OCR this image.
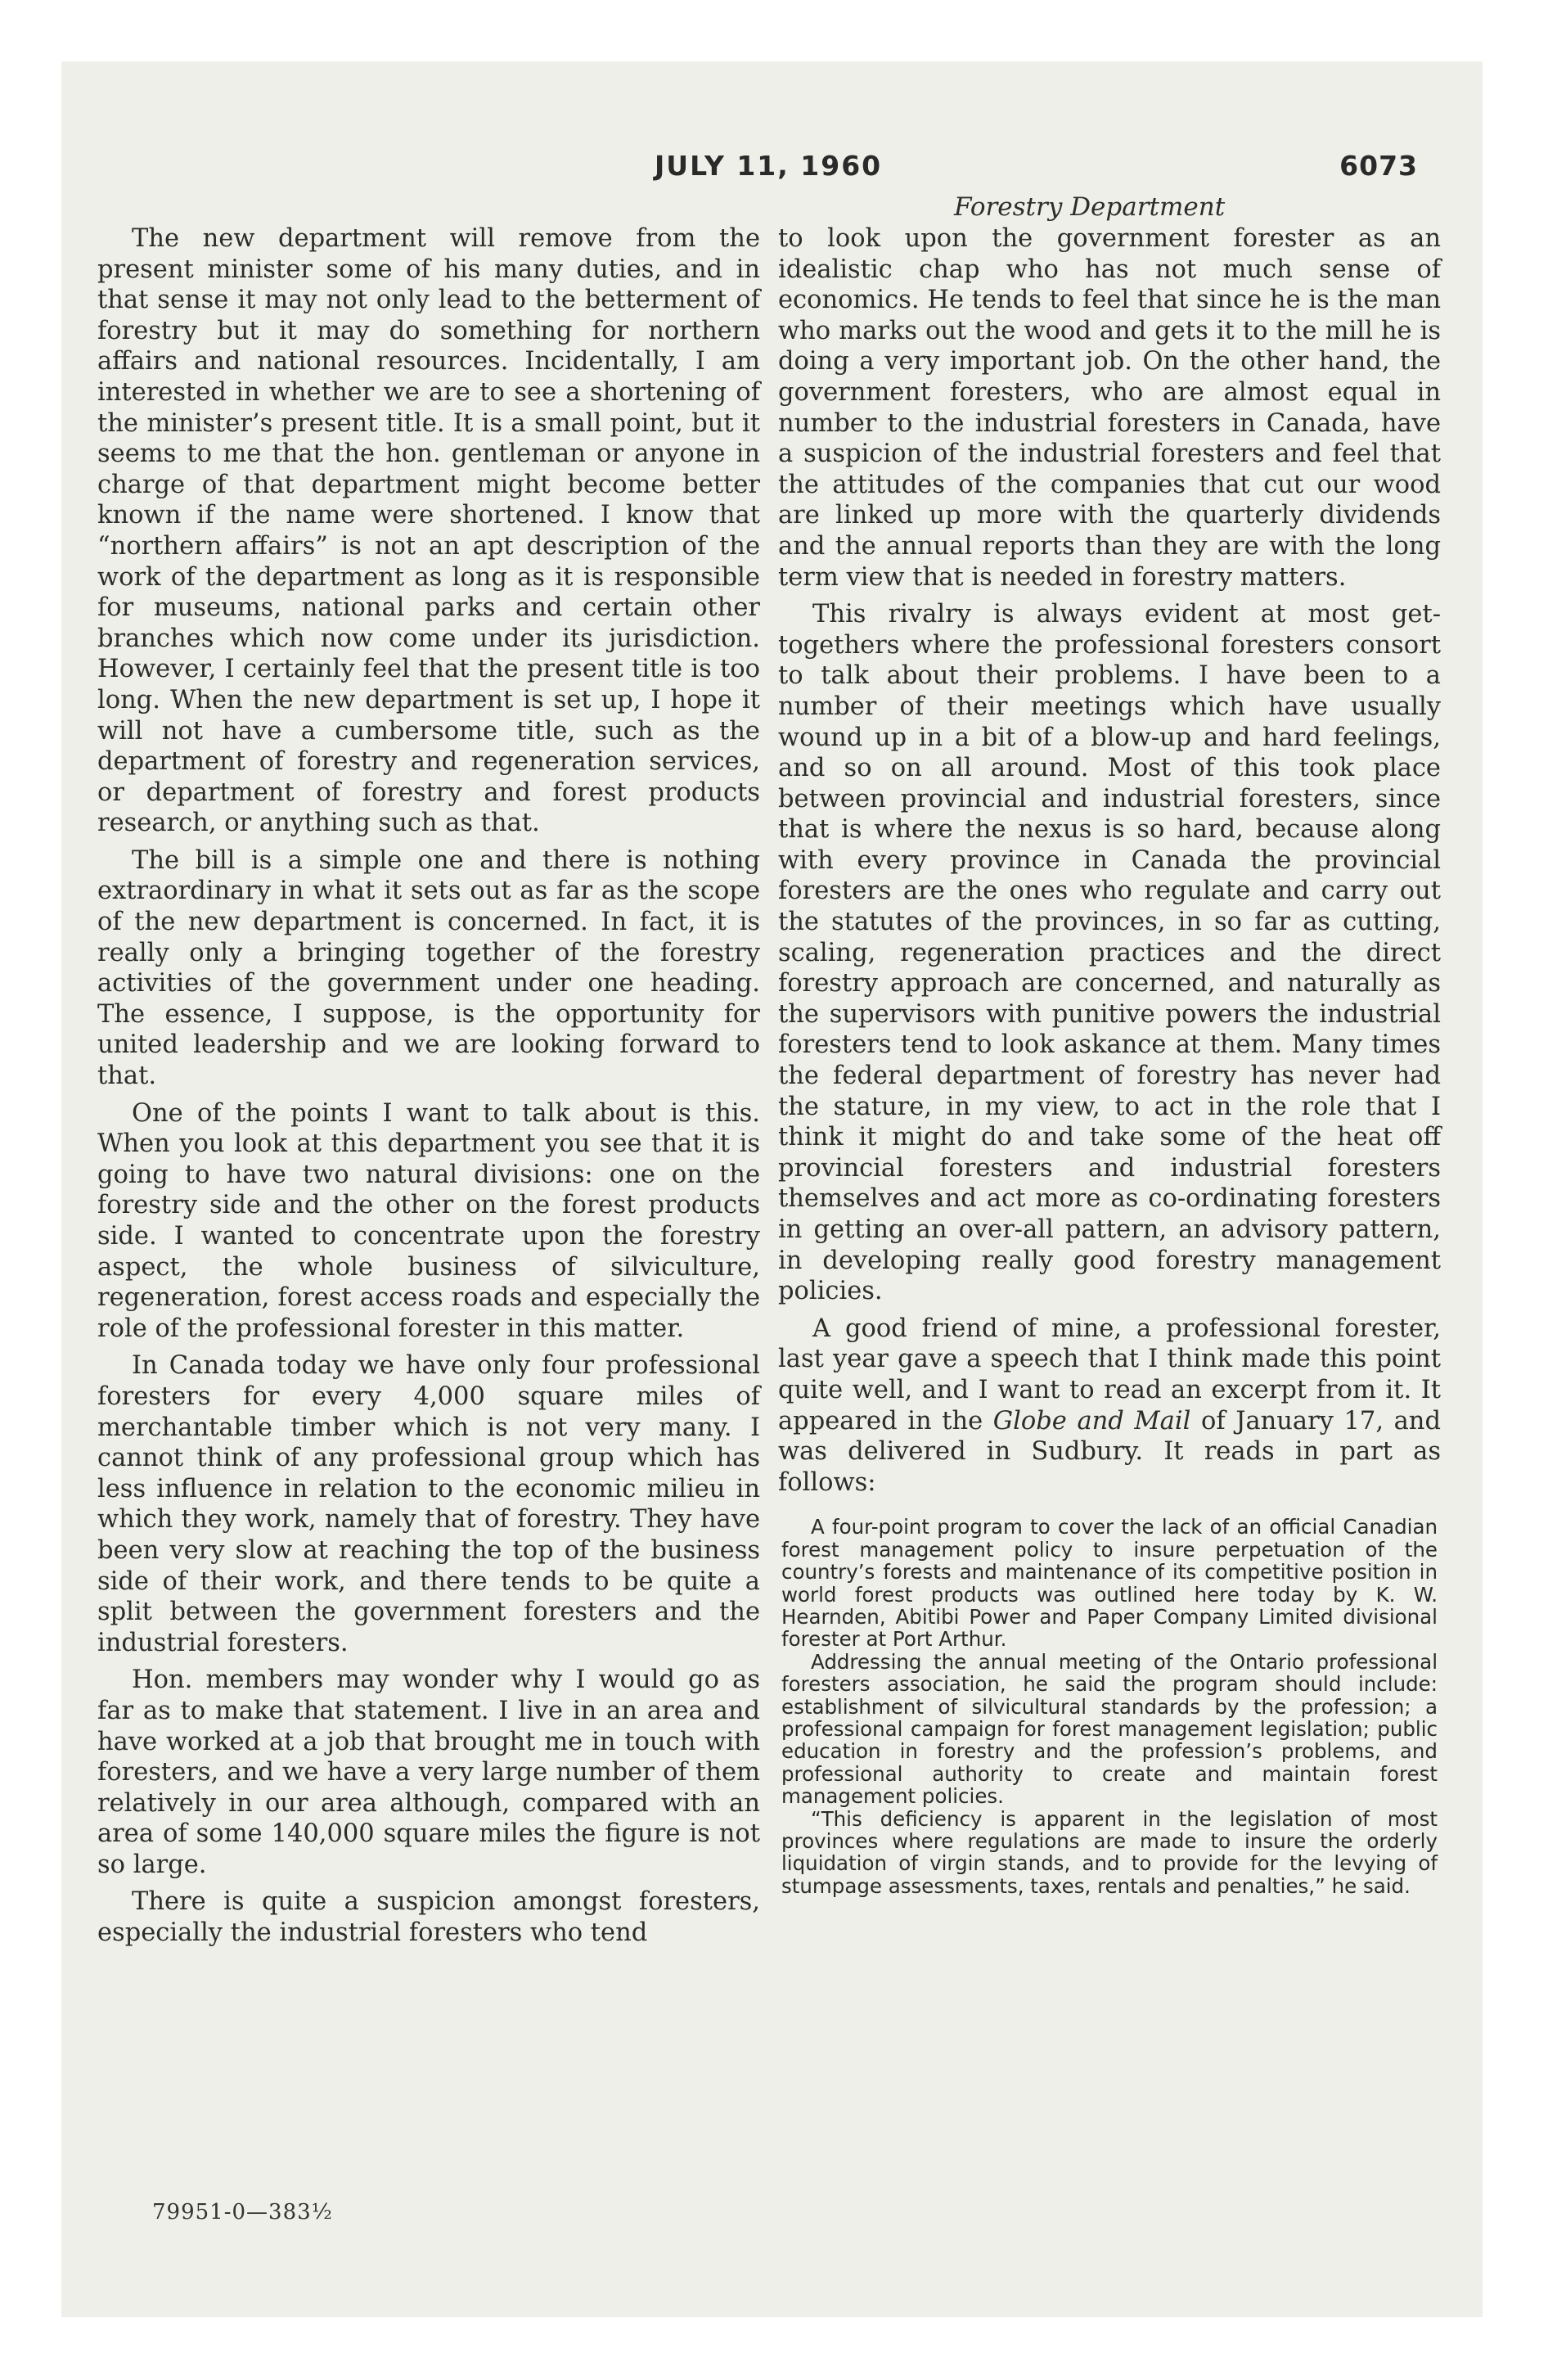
JULY 11, 1960	6073
Forestry Department

The new department will remove from the present minister some of his many duties, and in that sense it may not only lead to the betterment of forestry but it may do something for northern affairs and national resources. Incidentally, I am interested in whether we are to see a shortening of the minister’s present title. It is a small point, but it seems to me that the hon. gentleman or anyone in charge of that department might become better known if the name were shortened. I know that “northern affairs” is not an apt description of the work of the department as long as it is responsible for museums, national parks and certain other branches which now come under its jurisdiction. However, I certainly feel that the present title is too long. When the new department is set up, I hope it will not have a cumbersome title, such as the department of forestry and regeneration services, or department of forestry and forest products research, or anything such as that.

The bill is a simple one and there is nothing extraordinary in what it sets out as far as the scope of the new department is concerned. In fact, it is really only a bringing together of the forestry activities of the government under one heading. The essence, I suppose, is the opportunity for united leadership and we are looking forward to that.

One of the points I want to talk about is this. When you look at this department you see that it is going to have two natural divisions: one on the forestry side and the other on the forest products side. I wanted to concentrate upon the forestry aspect, the whole business of silviculture, regeneration, forest access roads and especially the role of the professional forester in this matter.

In Canada today we have only four professional foresters for every 4,000 square miles of merchantable timber which is not very many. I cannot think of any professional group which has less influence in relation to the economic milieu in which they work, namely that of forestry. They have been very slow at reaching the top of the business side of their work, and there tends to be quite a split between the government foresters and the industrial foresters.

Hon. members may wonder why I would go as far as to make that statement. I live in an area and have worked at a job that brought me in touch with foresters, and we have a very large number of them relatively in our area although, compared with an area of some 140,000 square miles the figure is not so large.

There is quite a suspicion amongst foresters, especially the industrial foresters who tend

to look upon the government forester as an idealistic chap who has not much sense of economics. He tends to feel that since he is the man who marks out the wood and gets it to the mill he is doing a very important job. On the other hand, the government foresters, who are almost equal in number to the industrial foresters in Canada, have a suspicion of the industrial foresters and feel that the attitudes of the companies that cut our wood are linked up more with the quarterly dividends and the annual reports than they are with the long term view that is needed in forestry matters.

This rivalry is always evident at most get-togethers where the professional foresters consort to talk about their problems. I have been to a number of their meetings which have usually wound up in a bit of a blow-up and hard feelings, and so on all around. Most of this took place between provincial and industrial foresters, since that is where the nexus is so hard, because along with every province in Canada the provincial foresters are the ones who regulate and carry out the statutes of the provinces, in so far as cutting, scaling, regeneration practices and the direct forestry approach are concerned, and naturally as the supervisors with punitive powers the industrial foresters tend to look askance at them. Many times the federal department of forestry has never had the stature, in my view, to act in the role that I think it might do and take some of the heat off provincial foresters and industrial foresters themselves and act more as co-ordinating foresters in getting an over-all pattern, an advisory pattern, in developing really good forestry management policies.

A good friend of mine, a professional forester, last year gave a speech that I think made this point quite well, and I want to read an excerpt from it. It appeared in the Globe and Mail of January 17, and was delivered in Sudbury. It reads in part as follows:

A four-point program to cover the lack of an official Canadian forest management policy to insure perpetuation of the country’s forests and maintenance of its competitive position in world forest products was outlined here today by K. W. Hearnden, Abitibi Power and Paper Company Limited divisional forester at Port Arthur.

Addressing the annual meeting of the Ontario professional foresters association, he said the program should include: establishment of silvicultural standards by the profession; a professional campaign for forest management legislation; public education in forestry and the profession’s problems, and professional authority to create and maintain forest management policies.

“This deficiency is apparent in the legislation of most provinces where regulations are made to insure the orderly liquidation of virgin stands, and to provide for the levying of stumpage assessments, taxes, rentals and penalties,” he said.

79951-0—383½
